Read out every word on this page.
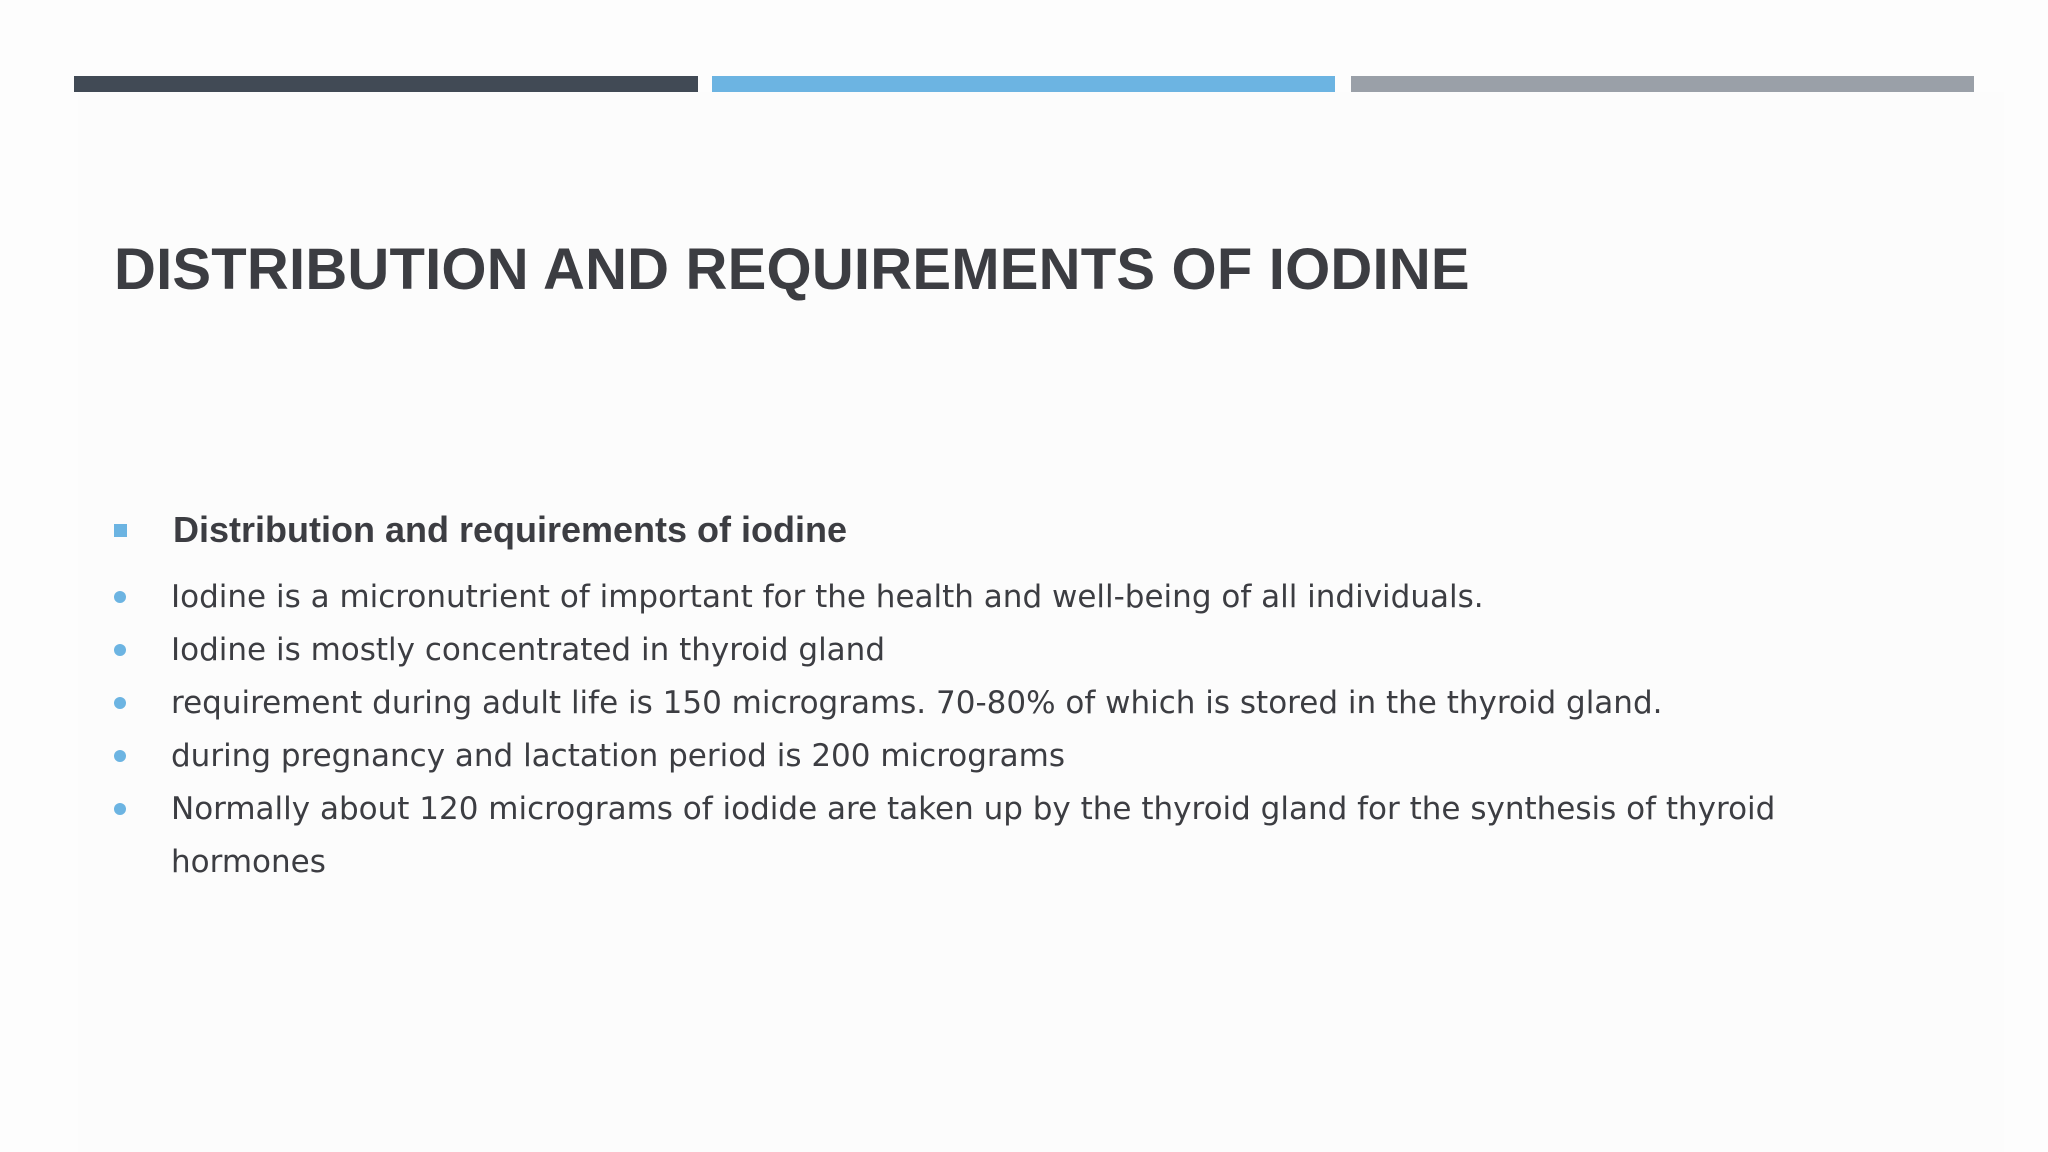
DISTRIBUTION AND REQUIREMENTS OF IODINE
Distribution and requirements of iodine
Iodine is a micronutrient of important for the health and well-being of all individuals.
Iodine is mostly concentrated in thyroid gland
requirement during adult life is 150 micrograms. 70-80% of which is stored in the thyroid gland.
during pregnancy and lactation period is 200 micrograms
Normally about 120 micrograms of iodide are taken up by the thyroid gland for the synthesis of thyroid hormones
